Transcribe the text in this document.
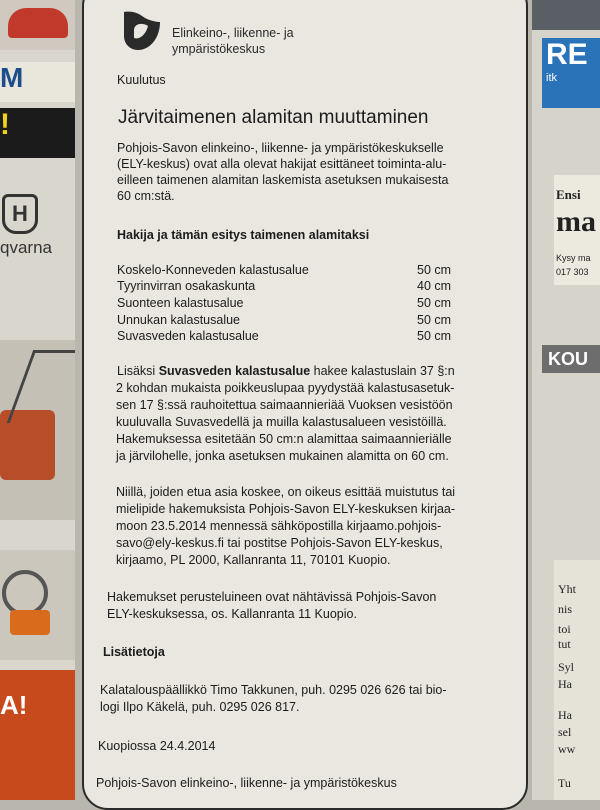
M
!
H
qvarna
A!
RE
itk
Ensi
ma
Kysy ma
017 303
KOU
Yht
nis
toi
tut
Syl
Ha
Ha
sel
ww
Tu
Elinkeino-, liikenne- ja
ympäristökeskus
Kuulutus
Järvitaimenen alamitan muuttaminen
Pohjois-Savon elinkeino-, liikenne- ja ympäristökeskukselle
(ELY-keskus) ovat alla olevat hakijat esittäneet toiminta-alu-
eilleen taimenen alamitan laskemista asetuksen mukaisesta
60 cm:stä.
Hakija ja tämän esitys taimenen alamitaksi
Koskelo-Konneveden kalastusalue	50 cm
Tyyrinvirran osakaskunta	40 cm
Suonteen kalastusalue	50 cm
Unnukan kalastusalue	50 cm
Suvasveden kalastusalue	50 cm
Lisäksi Suvasveden kalastusalue hakee kalastuslain 37 §:n
2 kohdan mukaista poikkeuslupaa pyydystää kalastusasetuk-
sen 17 §:ssä rauhoitettua saimaannieriää Vuoksen vesistöön
kuuluvalla Suvasvedellä ja muilla kalastusalueen vesistöillä.
Hakemuksessa esitetään 50 cm:n alamittaa saimaannieriälle
ja järvilohelle, jonka asetuksen mukainen alamitta on 60 cm.
Niillä, joiden etua asia koskee, on oikeus esittää muistutus tai
mielipide hakemuksista Pohjois-Savon ELY-keskuksen kirjaa-
moon 23.5.2014 mennessä sähköpostilla kirjaamo.pohjois-
savo@ely-keskus.fi tai postitse Pohjois-Savon ELY-keskus,
kirjaamo, PL 2000, Kallanranta 11, 70101 Kuopio.
Hakemukset perusteluineen ovat nähtävissä Pohjois-Savon
ELY-keskuksessa, os. Kallanranta 11 Kuopio.
Lisätietoja
Kalatalouspäällikkö Timo Takkunen, puh. 0295 026 626 tai bio-
logi Ilpo Käkelä, puh. 0295 026 817.
Kuopiossa 24.4.2014
Pohjois-Savon elinkeino-, liikenne- ja ympäristökeskus
